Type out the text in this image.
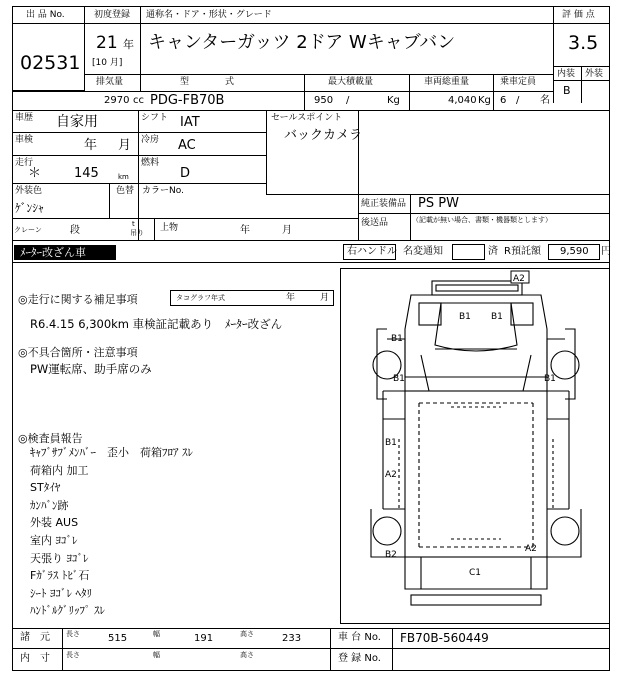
出 品 No.
02531
初度登録 通称名・ドア・形状・グレード
21 年
[10 月]
キャンターガッツ 2ドア Wキャブバン
評 価 点
3.5
内装 外装
B
排気量	型　　　　式	最大積載量	車両総重量	乗車定員
2970 cc PDG-FB70B	950 /	Kg	4,040 Kg 6 / 名
車歴 自家用	シフト IAT
車検	年 月 冷房 AC
走行
＊	145	km
燃料
D
外装色
ｹﾞﾝｼｬ
色替 カラーNo.
クレーン	段
t
吊り 上物	年	月
セールスポイント
バックカメラ
純正装備品 PS PW
後送品	（記載が無い場合、書類・機器類とします）
ﾒｰﾀｰ改ざん車	右ハンドル 名変通知	済 R預託額 9,590 円
◎走行に関する補足事項	タコグラフ年式	年	月
R6.4.15 6,300km 車検証記載あり　ﾒｰﾀｰ改ざん
◎不具合箇所・注意事項
PW運転席、助手席のみ
◎検査員報告
ｷｬﾌﾞｻﾌﾞﾒﾝﾊﾞｰ　歪小　荷箱ﾌﾛｱ ｽﾚ
荷箱内 加工
STﾀｲﾔ
ｶﾝﾊﾞﾝ跡
外装 AUS
室内 ﾖｺﾞﾚ
天張り ﾖｺﾞﾚ
Fｶﾞﾗｽ ﾄﾋﾞ石
ｼｰﾄ ﾖｺﾞﾚ ﾍﾀﾘ
ﾊﾝﾄﾞﾙｸﾞﾘｯﾌﾟ ｽﾚ
A2
B1 B1
B1
B1	B1
B1
A2
B2
A2
C1
諸　元 長さ	515	幅	191	高さ	233	車 台 No. FB70B-560449
内　寸 長さ	幅	高さ	登 録 No.
